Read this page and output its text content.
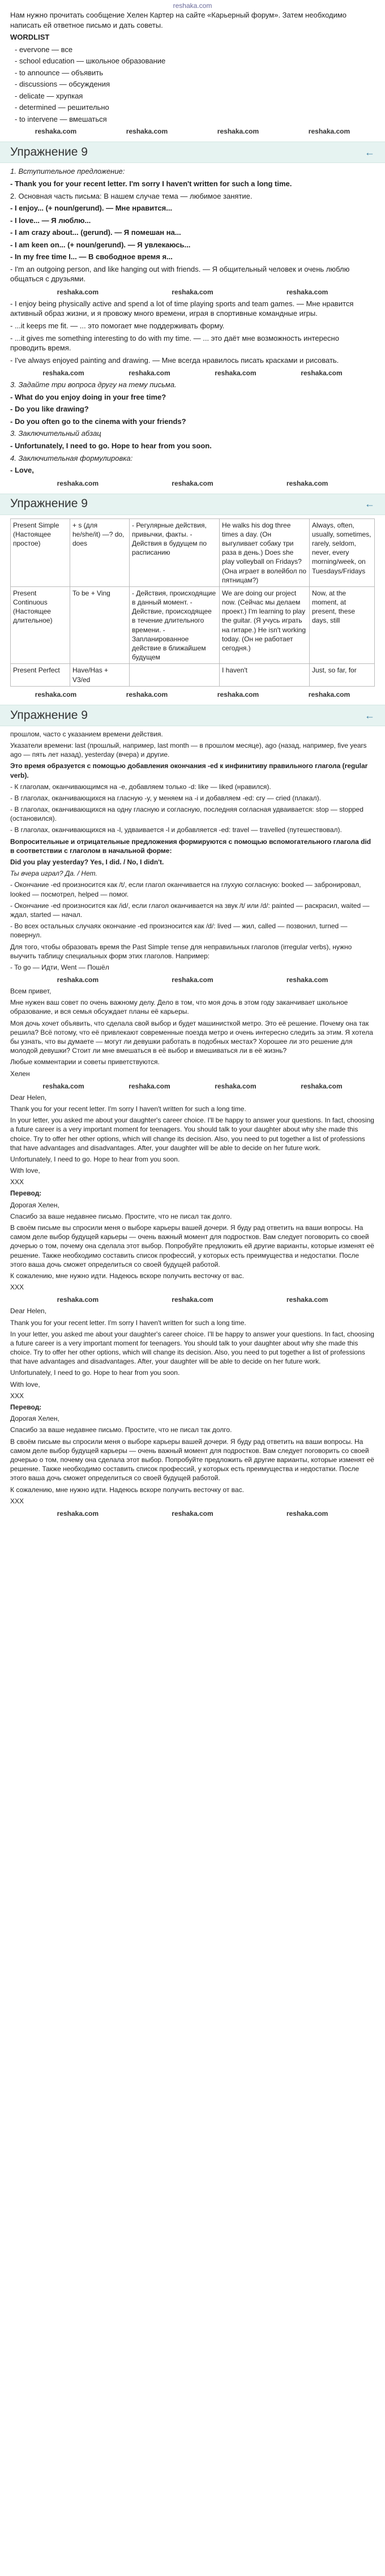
reshaka.com

Нам нужно прочитать сообщение Хелен Картер на сайте «Карьерный форум». Затем необходимо написать ей ответное письмо и дать советы.

WORDLIST

- evervone — все

- school education — школьное образование

- to announce — объявить

- discussions — обсуждения

- delicate — хрупкая

- determined — решительно

- to intervene — вмешаться

reshaka.com	reshaka.com	reshaka.com	reshaka.com
Упражнение 9	←

1. Вступительное предложение:

- Thank you for your recent letter. I'm sorry I haven't written for such a long time.

2. Основная часть письма: В нашем случае тема — любимое занятие.

- I enjoy... (+ noun/gerund). — Мне нравится...

- I love... — Я люблю...

- I am crazy about... (gerund). — Я помешан на...

- I am keen on... (+ noun/gerund). — Я увлекаюсь...

- In my free time I... — В свободное время я...

- I'm an outgoing person, and like hanging out with friends. — Я общительный человек и очень люблю общаться с друзьями.

reshaka.com	reshaka.com	reshaka.com

- I enjoy being physically active and spend a lot of time playing sports and team games. — Мне нравится активный образ жизни, и я провожу много времени, играя в спортивные командные игры.

- ...it keeps me fit. — ... это помогает мне поддерживать форму.

- ...it gives me something interesting to do with my time. — ... это даёт мне возможность интересно проводить время.

- I've always enjoyed painting and drawing. — Мне всегда нравилось писать красками и рисовать.

reshaka.com	reshaka.com	reshaka.com	reshaka.com

3. Задайте три вопроса другу на тему письма.

- What do you enjoy doing in your free time?

- Do you like drawing?

- Do you often go to the cinema with your friends?

3. Заключительный абзац

- Unfortunately, I need to go. Hope to hear from you soon.

4. Заключительная формулировка:

- Love,

reshaka.com	reshaka.com	reshaka.com
Упражнение 9	←
Present Simple (Настоящее простое)	+ s (для he/she/it) —? do, does	- Регулярные действия, привычки, факты. - Действия в будущем по расписанию	He walks his dog three times a day. (Он выгуливает собаку три раза в день.) Does she play volleyball on Fridays? (Она играет в волейбол по пятницам?)	Always, often, usually, sometimes, rarely, seldom, never, every morning/week, on Tuesdays/Fridays
Present Continuous (Настоящее длительное)	To be + Ving	- Действия, происходящие в данный момент. - Действие, происходящее в течение длительного времени. - Запланированное действие в ближайшем будущем	We are doing our project now. (Сейчас мы делаем проект.) I'm learning to play the guitar. (Я учусь играть на гитаре.) He isn't working today. (Он не работает сегодня.)	Now, at the moment, at present, these days, still
Present Perfect	Have/Has + V3/ed		I haven't	Just, so far, for
reshaka.com	reshaka.com	reshaka.com	reshaka.com
Упражнение 9	←

прошлом, часто с указанием времени действия.

Указатели времени: last (прошлый, например, last month — в прошлом месяце), ago (назад, например, five years ago — пять лет назад), yesterday (вчера) и другие.

Это время образуется с помощью добавления окончания -ed к инфинитиву правильного глагола (regular verb).

- К глаголам, оканчивающимся на -e, добавляем только -d: like — liked (нравился).

- В глаголах, оканчивающихся на гласную -y, у меняем на -i и добавляем -ed: cry — cried (плакал).

- В глаголах, оканчивающихся на одну гласную и согласную, последняя согласная удваивается: stop — stopped (остановился).

- В глаголах, оканчивающихся на -l, удваивается -l и добавляется -ed: travel — travelled (путешествовал).

Вопросительные и отрицательные предложения формируются с помощью вспомогательного глагола did в соответствии с глаголом в начальной форме:

Did you play yesterday? Yes, I did. / No, I didn't.

Ты вчера играл? Да. / Нет.

- Окончание -ed произносится как /t/, если глагол оканчивается на глухую согласную: booked — забронировал, looked — посмотрел, helped — помог.

- Окончание -ed произносится как /id/, если глагол оканчивается на звук /t/ или /d/: painted — раскрасил, waited — ждал, started — начал.

- Во всех остальных случаях окончание -ed произносится как /d/: lived — жил, called — позвонил, turned — повернул.

Для того, чтобы образовать время the Past Simple тense для неправильных глаголов (irregular verbs), нужно выучить таблицу специальных форм этих глаголов. Например:

- To go — Идти, Went — Пошёл

reshaka.com	reshaka.com	reshaka.com

Всем привет,

Мне нужен ваш совет по очень важному делу. Дело в том, что моя дочь в этом году заканчивает школьное образование, и вся семья обсуждает планы её карьеры.

Моя дочь хочет объявить, что сделала свой выбор и будет машинисткой метро. Это её решение. Почему она так решила? Всё потому, что её привлекают современные поезда метро и очень интересно следить за этим. Я хотела бы узнать, что вы думаете — могут ли девушки работать в подобных местах? Хорошее ли это решение для молодой девушки? Стоит ли мне вмешаться в её выбор и вмешиваться ли в её жизнь?

Любые комментарии и советы приветствуются.

Хелен

reshaka.com	reshaka.com	reshaka.com	reshaka.com

Dear Helen,

Thank you for your recent letter. I'm sorry I haven't written for such a long time.

In your letter, you asked me about your daughter's career choice. I'll be happy to answer your questions. In fact, choosing a future career is a very important moment for teenagers. You should talk to your daughter about why she made this choice. Try to offer her other options, which will change its decision. Also, you need to put together a list of professions that have advantages and disadvantages. After, your daughter will be able to decide on her future work.

Unfortunately, I need to go. Hope to hear from you soon.

With love,

XXX

Перевод:

Дорогая Хелен,

Спасибо за ваше недавнее письмо. Простите, что не писал так долго.

В своём письме вы спросили меня о выборе карьеры вашей дочери. Я буду рад ответить на ваши вопросы. На самом деле выбор будущей карьеры — очень важный момент для подростков. Вам следует поговорить со своей дочерью о том, почему она сделала этот выбор. Попробуйте предложить ей другие варианты, которые изменят её решение. Также необходимо составить список профессий, у которых есть преимущества и недостатки. После этого ваша дочь сможет определиться со своей будущей работой.

К сожалению, мне нужно идти. Надеюсь вскоре получить весточку от вас.

XXX

reshaka.com	reshaka.com	reshaka.com

Dear Helen,

Thank you for your recent letter. I'm sorry I haven't written for such a long time.

In your letter, you asked me about your daughter's career choice. I'll be happy to answer your questions. In fact, choosing a future career is a very important moment for teenagers. You should talk to your daughter about why she made this choice. Try to offer her other options, which will change its decision. Also, you need to put together a list of professions that have advantages and disadvantages. After, your daughter will be able to decide on her future work.

Unfortunately, I need to go. Hope to hear from you soon.

With love,

XXX

Перевод:

Дорогая Хелен,

Спасибо за ваше недавнее письмо. Простите, что не писал так долго.

В своём письме вы спросили меня о выборе карьеры вашей дочери. Я буду рад ответить на ваши вопросы. На самом деле выбор будущей карьеры — очень важный момент для подростков. Вам следует поговорить со своей дочерью о том, почему она сделала этот выбор. Попробуйте предложить ей другие варианты, которые изменят её решение. Также необходимо составить список профессий, у которых есть преимущества и недостатки. После этого ваша дочь сможет определиться со своей будущей работой.

К сожалению, мне нужно идти. Надеюсь вскоре получить весточку от вас.

XXX

reshaka.com	reshaka.com	reshaka.com
